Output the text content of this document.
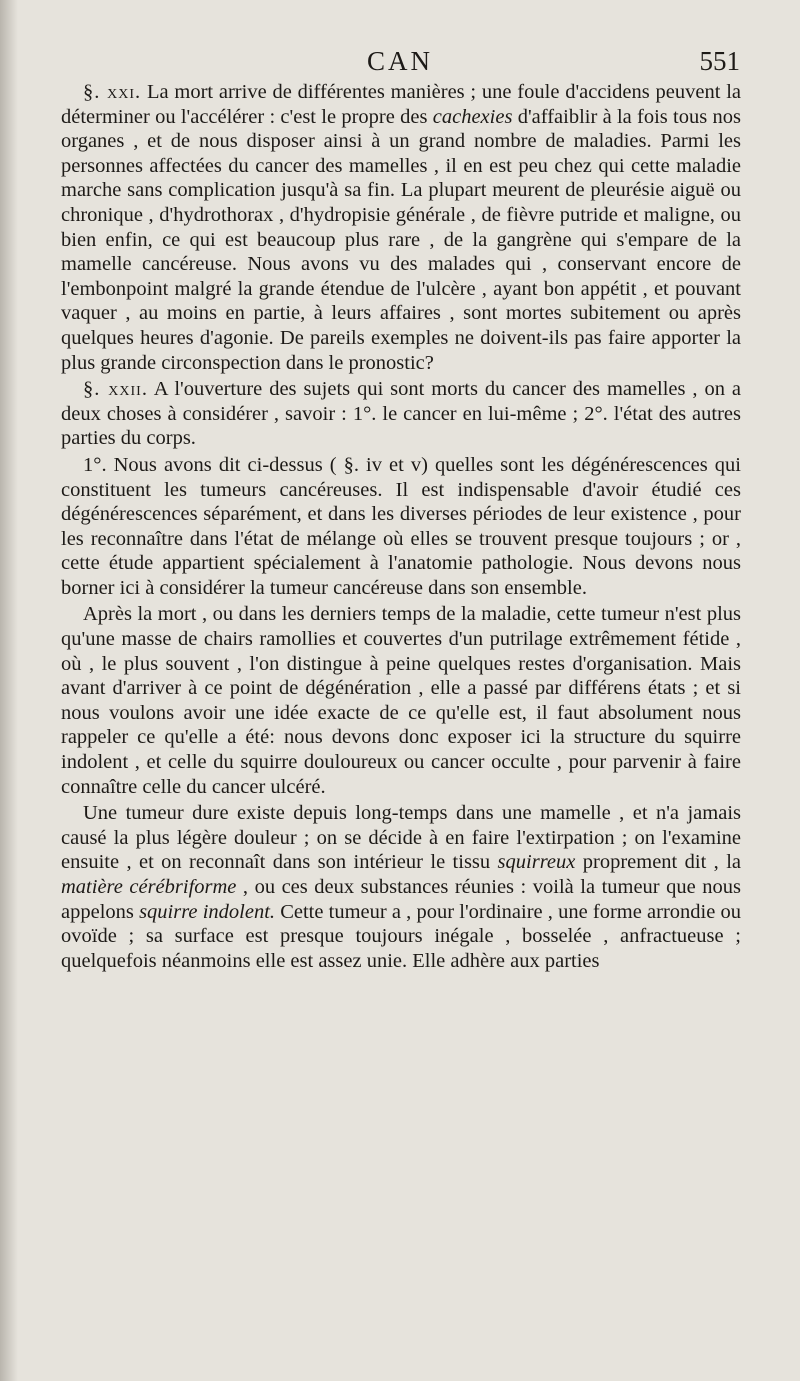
CAN	551

§. xxi. La mort arrive de différentes manières ; une foule d'accidens peuvent la déterminer ou l'accélérer : c'est le propre des cachexies d'affaiblir à la fois tous nos organes , et de nous disposer ainsi à un grand nombre de maladies. Parmi les personnes affectées du cancer des mamelles , il en est peu chez qui cette maladie marche sans complication jusqu'à sa fin. La plupart meurent de pleurésie aiguë ou chronique , d'hydrothorax , d'hydropisie générale , de fièvre putride et maligne, ou bien enfin, ce qui est beaucoup plus rare , de la gangrène qui s'empare de la mamelle cancéreuse. Nous avons vu des malades qui , conservant encore de l'embonpoint malgré la grande étendue de l'ulcère , ayant bon appétit , et pouvant vaquer , au moins en partie, à leurs affaires , sont mortes subitement ou après quelques heures d'agonie. De pareils exemples ne doivent-ils pas faire apporter la plus grande circonspection dans le pronostic?

§. xxii. A l'ouverture des sujets qui sont morts du cancer des mamelles , on a deux choses à considérer , savoir : 1°. le cancer en lui-même ; 2°. l'état des autres parties du corps.

1°. Nous avons dit ci-dessus ( §. iv et v) quelles sont les dégénérescences qui constituent les tumeurs cancéreuses. Il est indispensable d'avoir étudié ces dégénérescences séparément, et dans les diverses périodes de leur existence , pour les reconnaître dans l'état de mélange où elles se trouvent presque toujours ; or , cette étude appartient spécialement à l'anatomie pathologie. Nous devons nous borner ici à considérer la tumeur cancéreuse dans son ensemble.

Après la mort , ou dans les derniers temps de la maladie, cette tumeur n'est plus qu'une masse de chairs ramollies et couvertes d'un putrilage extrêmement fétide , où , le plus souvent , l'on distingue à peine quelques restes d'organisation. Mais avant d'arriver à ce point de dégénération , elle a passé par différens états ; et si nous voulons avoir une idée exacte de ce qu'elle est, il faut absolument nous rappeler ce qu'elle a été: nous devons donc exposer ici la structure du squirre indolent , et celle du squirre douloureux ou cancer occulte , pour parvenir à faire connaître celle du cancer ulcéré.

Une tumeur dure existe depuis long-temps dans une mamelle , et n'a jamais causé la plus légère douleur ; on se décide à en faire l'extirpation ; on l'examine ensuite , et on reconnaît dans son intérieur le tissu squirreux proprement dit , la matière cérébriforme , ou ces deux substances réunies : voilà la tumeur que nous appelons squirre indolent. Cette tumeur a , pour l'ordinaire , une forme arrondie ou ovoïde ; sa surface est presque toujours inégale , bosselée , anfractueuse ; quelquefois néanmoins elle est assez unie. Elle adhère aux parties
